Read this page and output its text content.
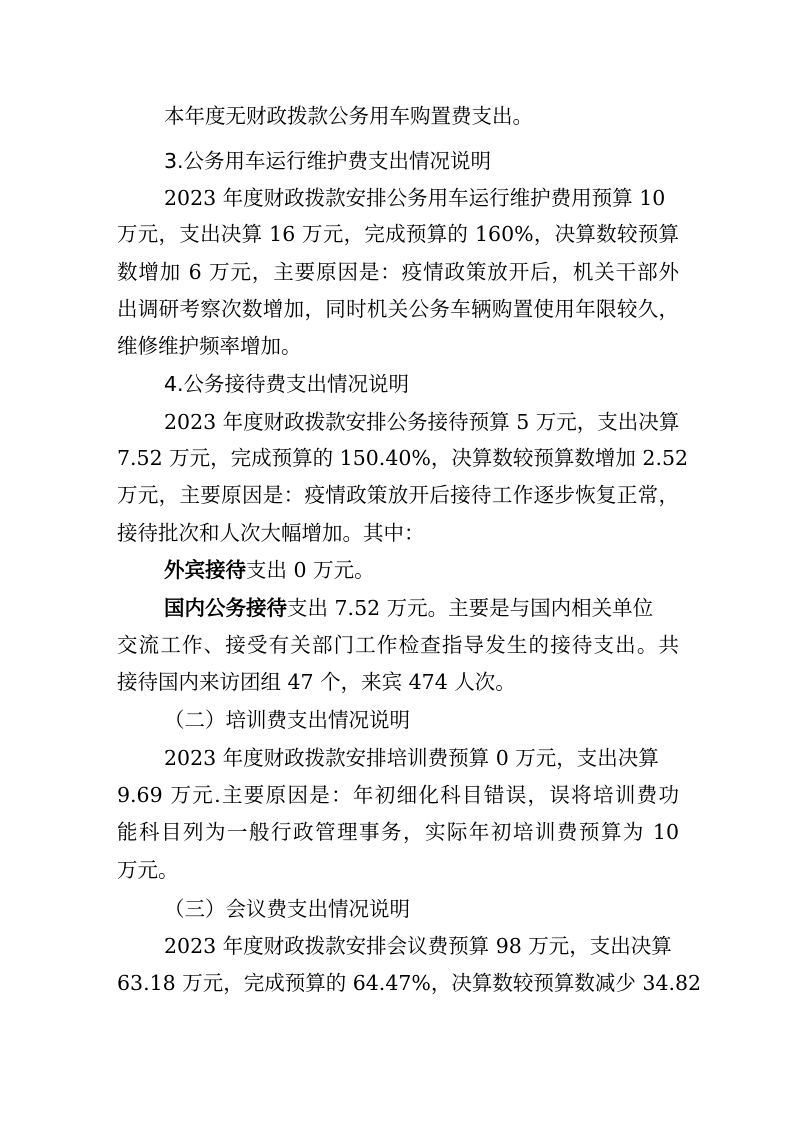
本年度无财政拨款公务用车购置费支出。
3.公务用车运行维护费支出情况说明
2023 年度财政拨款安排公务用车运行维护费用预算 10
万元，支出决算 16 万元，完成预算的 160%，决算数较预算
数增加 6 万元，主要原因是：疫情政策放开后，机关干部外
出调研考察次数增加，同时机关公务车辆购置使用年限较久，
维修维护频率增加。
4.公务接待费支出情况说明
2023 年度财政拨款安排公务接待预算 5 万元，支出决算
7.52 万元，完成预算的 150.40%，决算数较预算数增加 2.52
万元，主要原因是：疫情政策放开后接待工作逐步恢复正常，
接待批次和人次大幅增加。其中：
外宾接待支出 0 万元。
国内公务接待支出 7.52 万元。主要是与国内相关单位
交流工作、接受有关部门工作检查指导发生的接待支出。共
接待国内来访团组 47 个，来宾 474 人次。
（二）培训费支出情况说明
2023 年度财政拨款安排培训费预算 0 万元，支出决算
9.69 万元.主要原因是：年初细化科目错误，误将培训费功
能科目列为一般行政管理事务，实际年初培训费预算为 10
万元。
（三）会议费支出情况说明
2023 年度财政拨款安排会议费预算 98 万元，支出决算
63.18 万元，完成预算的 64.47%，决算数较预算数减少 34.82
